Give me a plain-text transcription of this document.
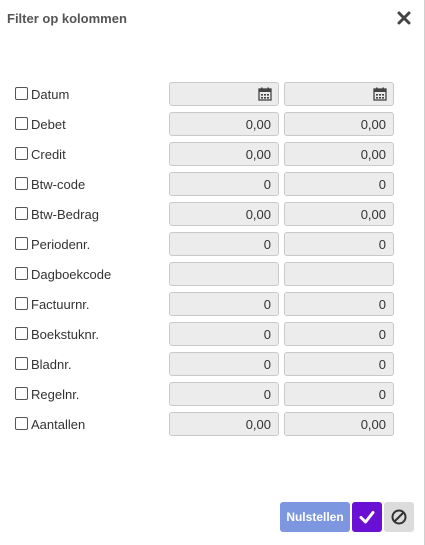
Filter op kolommen
Datum
Debet	0,00	0,00
Credit	0,00	0,00
Btw-code	0	0
Btw-Bedrag	0,00	0,00
Periodenr.	0	0
Dagboekcode
Factuurnr.	0	0
Boekstuknr.	0	0
Bladnr.	0	0
Regelnr.	0	0
Aantallen	0,00	0,00
Nulstellen
